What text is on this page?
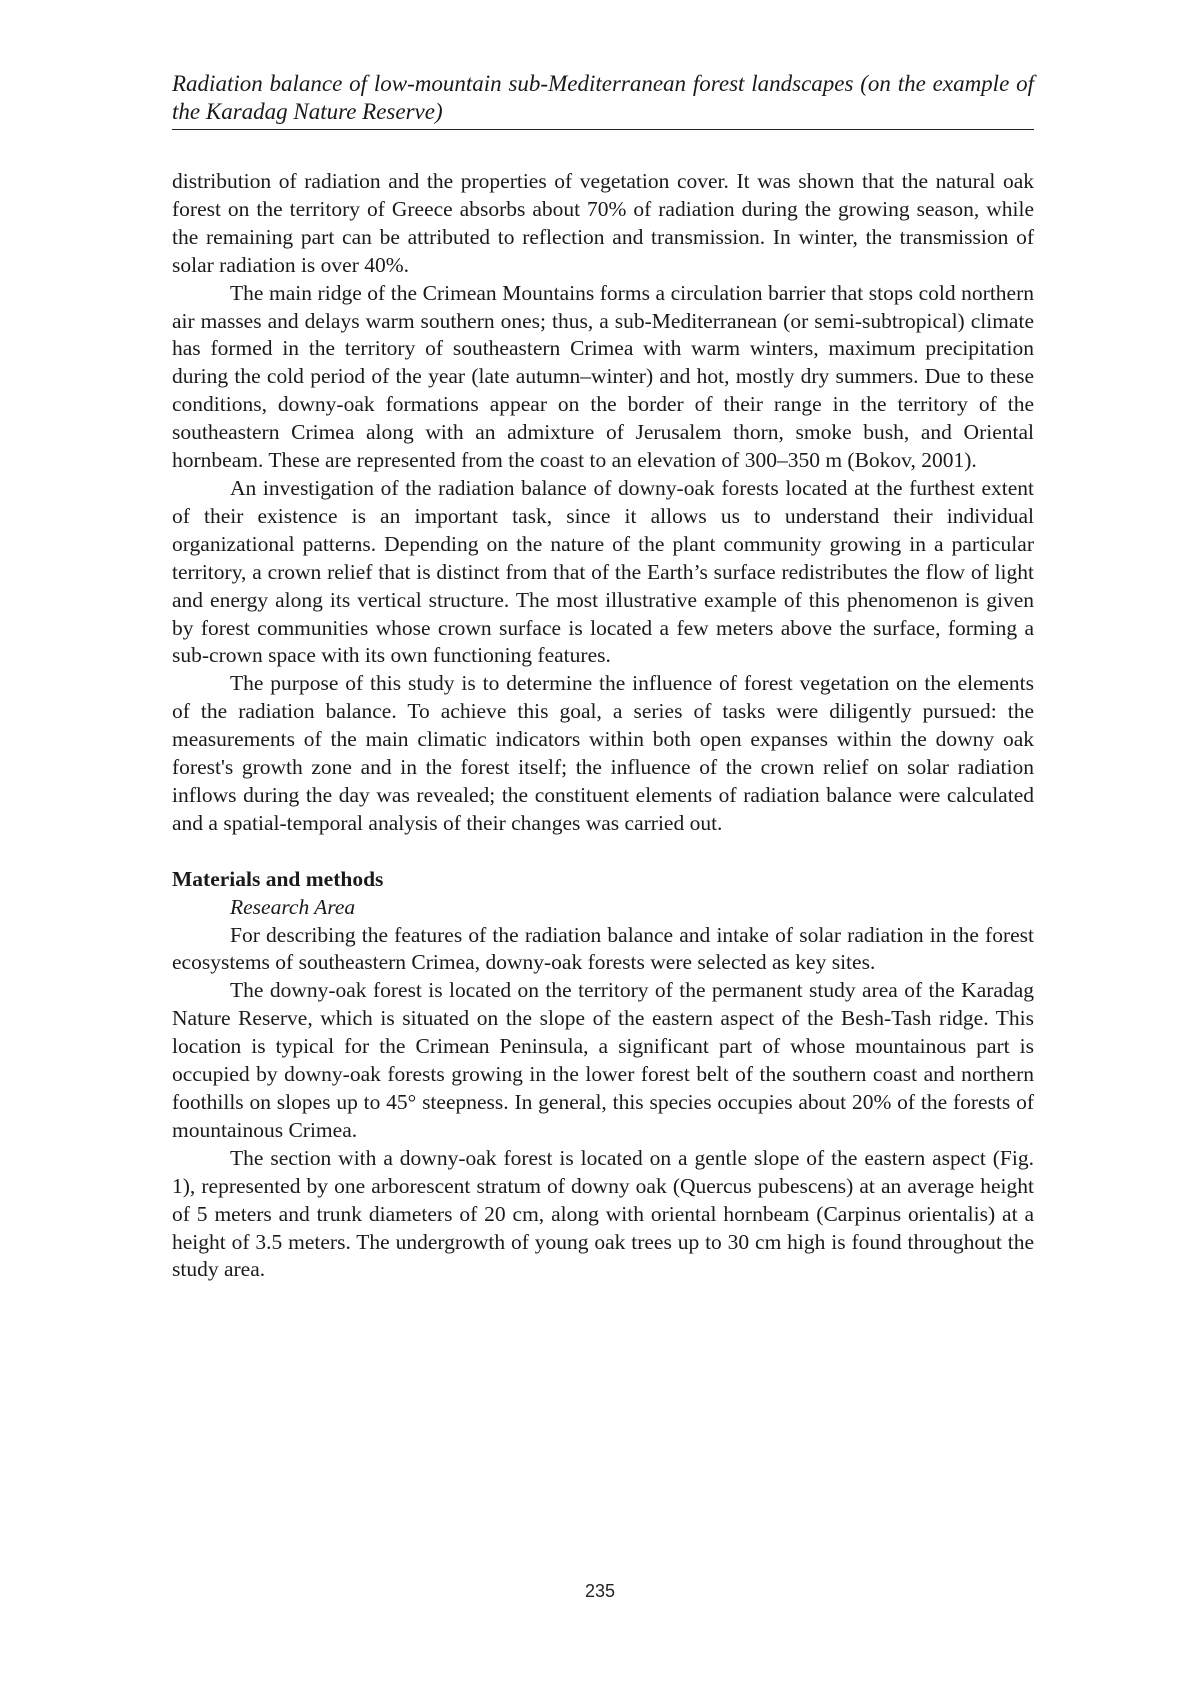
Radiation balance of low-mountain sub-Mediterranean forest landscapes (on the example of the Karadag Nature Reserve)

distribution of radiation and the properties of vegetation cover. It was shown that the natural oak forest on the territory of Greece absorbs about 70% of radiation during the growing season, while the remaining part can be attributed to reflection and transmission. In winter, the transmission of solar radiation is over 40%.

The main ridge of the Crimean Mountains forms a circulation barrier that stops cold northern air masses and delays warm southern ones; thus, a sub-Mediterranean (or semi-subtropical) climate has formed in the territory of southeastern Crimea with warm winters, maximum precipitation during the cold period of the year (late autumn–winter) and hot, mostly dry summers. Due to these conditions, downy-oak formations appear on the border of their range in the territory of the southeastern Crimea along with an admixture of Jerusalem thorn, smoke bush, and Oriental hornbeam. These are represented from the coast to an elevation of 300–350 m (Bokov, 2001).

An investigation of the radiation balance of downy-oak forests located at the furthest extent of their existence is an important task, since it allows us to understand their individual organizational patterns. Depending on the nature of the plant community growing in a particular territory, a crown relief that is distinct from that of the Earth’s surface redistributes the flow of light and energy along its vertical structure. The most illustrative example of this phenomenon is given by forest communities whose crown surface is located a few meters above the surface, forming a sub-crown space with its own functioning features.

The purpose of this study is to determine the influence of forest vegetation on the elements of the radiation balance. To achieve this goal, a series of tasks were diligently pursued: the measurements of the main climatic indicators within both open expanses within the downy oak forest's growth zone and in the forest itself; the influence of the crown relief on solar radiation inflows during the day was revealed; the constituent elements of radiation balance were calculated and a spatial-temporal analysis of their changes was carried out.

Materials and methods

Research Area

For describing the features of the radiation balance and intake of solar radiation in the forest ecosystems of southeastern Crimea, downy-oak forests were selected as key sites.

The downy-oak forest is located on the territory of the permanent study area of the Karadag Nature Reserve, which is situated on the slope of the eastern aspect of the Besh-Tash ridge. This location is typical for the Crimean Peninsula, a significant part of whose mountainous part is occupied by downy-oak forests growing in the lower forest belt of the southern coast and northern foothills on slopes up to 45° steepness. In general, this species occupies about 20% of the forests of mountainous Crimea.

The section with a downy-oak forest is located on a gentle slope of the eastern aspect (Fig. 1), represented by one arborescent stratum of downy oak (Quercus pubescens) at an average height of 5 meters and trunk diameters of 20 cm, along with oriental hornbeam (Carpinus orientalis) at a height of 3.5 meters. The undergrowth of young oak trees up to 30 cm high is found throughout the study area.

235
